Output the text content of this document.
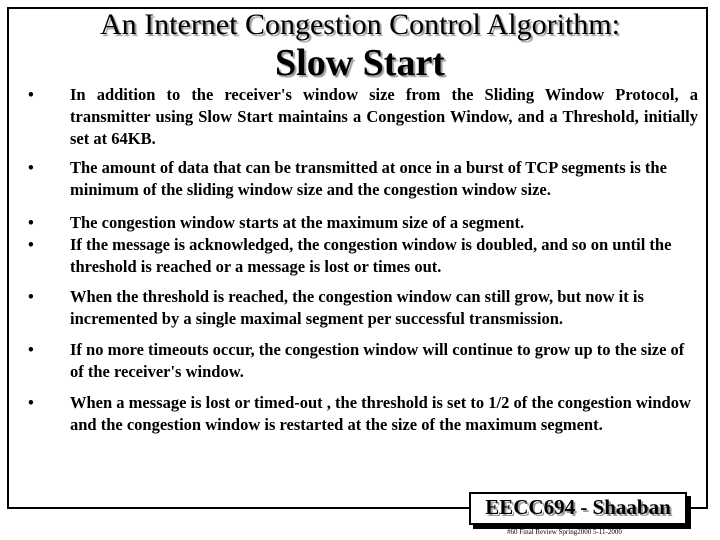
An Internet Congestion Control Algorithm:
Slow Start
• In addition to the receiver's window size from the Sliding Window Protocol, a transmitter using Slow Start maintains a Congestion Window, and a Threshold, initially set at 64KB.
• The amount of data that can be transmitted at once in a burst of TCP segments is the minimum of the sliding window size and the congestion window size.
• The congestion window starts at the maximum size of a segment.
• If the message is acknowledged, the congestion window is doubled, and so on until the threshold is reached or a message is lost or times out.
• When the threshold is reached, the congestion window can still grow, but now it is incremented by a single maximal segment per successful transmission.
• If no more timeouts occur, the congestion window will continue to grow up to the size of of the receiver's window.
• When a message is lost or timed-out , the threshold is set to 1/2 of the congestion window and the congestion window is restarted at the size of the maximum segment.
EECC694 - Shaaban
#60 Final Review Spring2000 5-11-2000
